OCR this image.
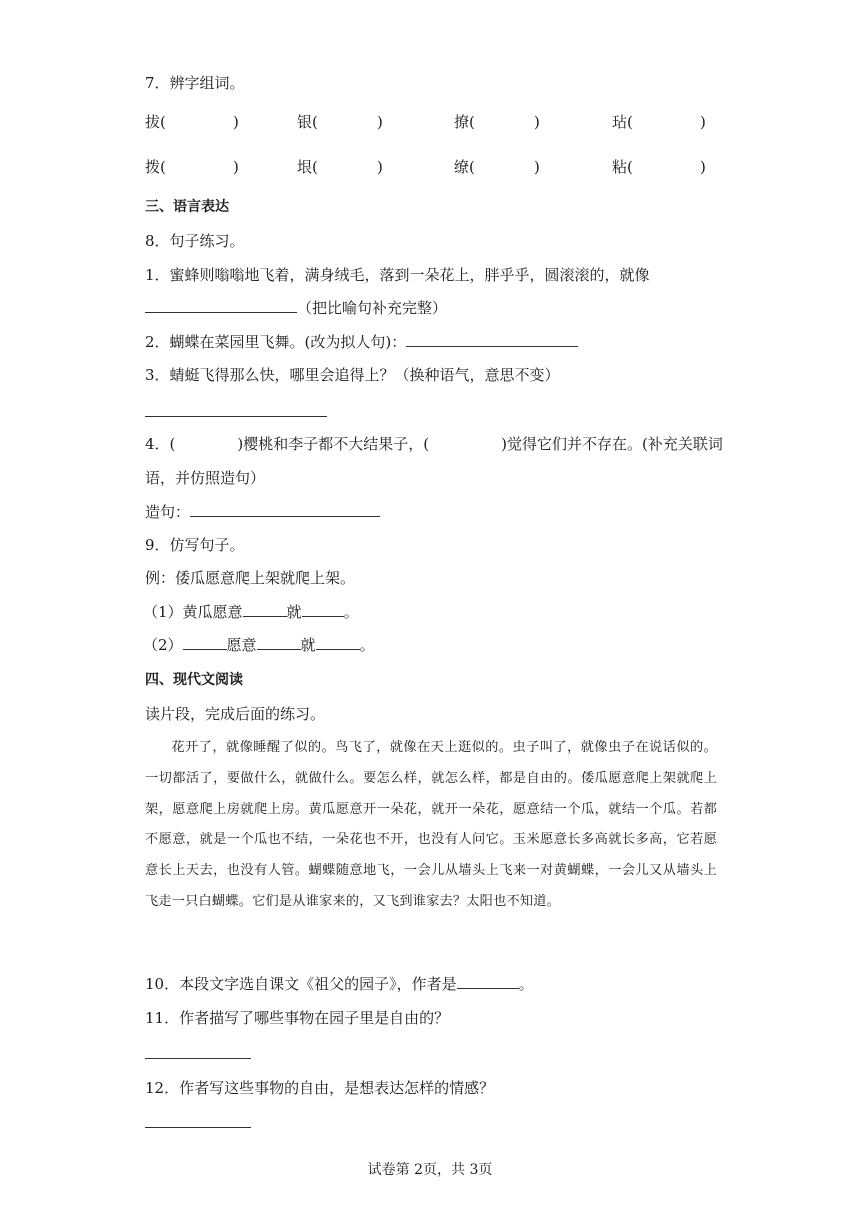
7．辨字组词。
拔(	)	银(	)	撩(	)	玷(	)
拨(	)	垠(	)	缭(	)	粘(	)
三、语言表达
8．句子练习。
1．蜜蜂则嗡嗡地飞着，满身绒毛，落到一朵花上，胖乎乎，圆滚滚的，就像
（把比喻句补充完整）
2．蝴蝶在菜园里飞舞。(改为拟人句)：
3．蜻蜓飞得那么快，哪里会追得上？（换种语气，意思不变）
4．(	)樱桃和李子都不大结果子，(	)觉得它们并不存在。(补充关联词
语，并仿照造句）
造句：
9．仿写句子。
例：倭瓜愿意爬上架就爬上架。
（1）黄瓜愿意	就	。
（2）	愿意	就	。
四、现代文阅读
读片段，完成后面的练习。
花开了，就像睡醒了似的。鸟飞了，就像在天上逛似的。虫子叫了，就像虫子在说话似的。一切都活了，要做什么，就做什么。要怎么样，就怎么样，都是自由的。倭瓜愿意爬上架就爬上架，愿意爬上房就爬上房。黄瓜愿意开一朵花，就开一朵花，愿意结一个瓜，就结一个瓜。若都不愿意，就是一个瓜也不结，一朵花也不开，也没有人问它。玉米愿意长多高就长多高，它若愿意长上天去，也没有人管。蝴蝶随意地飞，一会儿从墙头上飞来一对黄蝴蝶，一会儿又从墙头上飞走一只白蝴蝶。它们是从谁家来的，又飞到谁家去？太阳也不知道。
10．本段文字选自课文《祖父的园子》，作者是	。
11．作者描写了哪些事物在园子里是自由的？
12．作者写这些事物的自由，是想表达怎样的情感？
试卷第 2页，共 3页
